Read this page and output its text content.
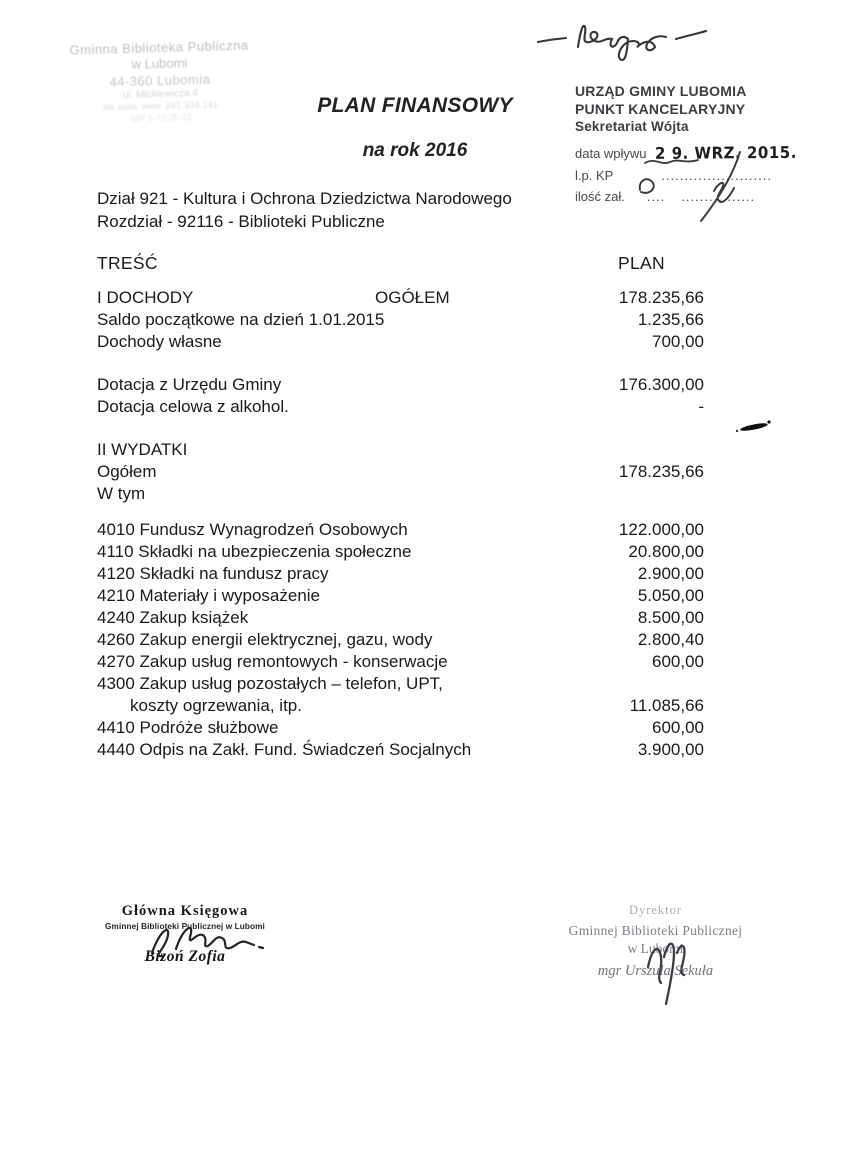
Gminna Biblioteka Publiczna
w Lubomi
44-360 Lubomia
ul. Mickiewicza 4
tel. kom. wew. 241 334 141
NIP 9-73-25-13
URZĄD GMINY LUBOMIA
PUNKT KANCELARYJNY
Sekretariat Wójta
data wpływu 2 9. WRZ. 2015.
l.p. KP	........................
ilość zał. .... ................
PLAN FINANSOWY
na rok 2016
Dział 921 - Kultura i Ochrona Dziedzictwa Narodowego
Rozdział - 92116 - Biblioteki Publiczne
TREŚĆ	PLAN
I DOCHODY	OGÓŁEM	178.235,66
Saldo początkowe na dzień 1.01.2015	1.235,66
Dochody własne	700,00
Dotacja z Urzędu Gminy	176.300,00
Dotacja celowa z alkohol.	-
II WYDATKI
Ogółem	178.235,66
W tym
4010 Fundusz Wynagrodzeń Osobowych	122.000,00
4110 Składki na ubezpieczenia społeczne	20.800,00
4120 Składki na fundusz pracy	2.900,00
4210 Materiały i wyposażenie	5.050,00
4240 Zakup książek	8.500,00
4260 Zakup energii elektrycznej, gazu, wody	2.800,40
4270 Zakup usług remontowych - konserwacje	600,00
4300 Zakup usług pozostałych – telefon, UPT,
koszty ogrzewania, itp.	11.085,66
4410 Podróże służbowe	600,00
4440 Odpis na Zakł. Fund. Świadczeń Socjalnych	3.900,00
Główna Księgowa
Gminnej Biblioteki Publicznej w Lubomi
Bizoń Zofia
Dyrektor
Gminnej Biblioteki Publicznej
w Lubomi
mgr Urszula Sekuła
